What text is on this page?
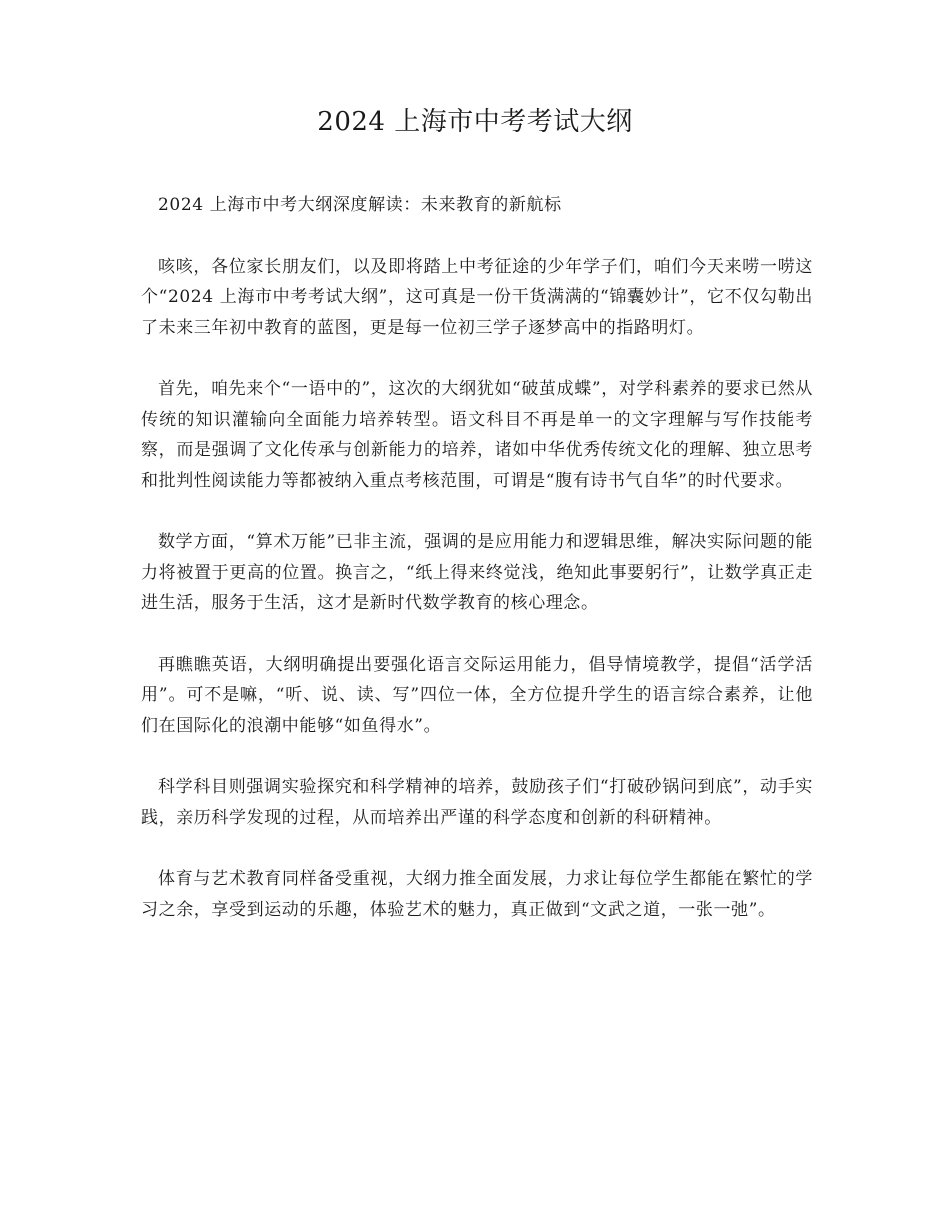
2024 上海市中考考试大纲

2024 上海市中考大纲深度解读：未来教育的新航标

咳咳，各位家长朋友们，以及即将踏上中考征途的少年学子们，咱们今天来唠一唠这个“2024 上海市中考考试大纲”，这可真是一份干货满满的“锦囊妙计”，它不仅勾勒出了未来三年初中教育的蓝图，更是每一位初三学子逐梦高中的指路明灯。

首先，咱先来个“一语中的”，这次的大纲犹如“破茧成蝶”，对学科素养的要求已然从传统的知识灌输向全面能力培养转型。语文科目不再是单一的文字理解与写作技能考察，而是强调了文化传承与创新能力的培养，诸如中华优秀传统文化的理解、独立思考和批判性阅读能力等都被纳入重点考核范围，可谓是“腹有诗书气自华”的时代要求。

数学方面，“算术万能”已非主流，强调的是应用能力和逻辑思维，解决实际问题的能力将被置于更高的位置。换言之，“纸上得来终觉浅，绝知此事要躬行”，让数学真正走进生活，服务于生活，这才是新时代数学教育的核心理念。

再瞧瞧英语，大纲明确提出要强化语言交际运用能力，倡导情境教学，提倡“活学活用”。可不是嘛，“听、说、读、写”四位一体，全方位提升学生的语言综合素养，让他们在国际化的浪潮中能够“如鱼得水”。

科学科目则强调实验探究和科学精神的培养，鼓励孩子们“打破砂锅问到底”，动手实践，亲历科学发现的过程，从而培养出严谨的科学态度和创新的科研精神。

体育与艺术教育同样备受重视，大纲力推全面发展，力求让每位学生都能在繁忙的学习之余，享受到运动的乐趣，体验艺术的魅力，真正做到“文武之道，一张一弛”。
